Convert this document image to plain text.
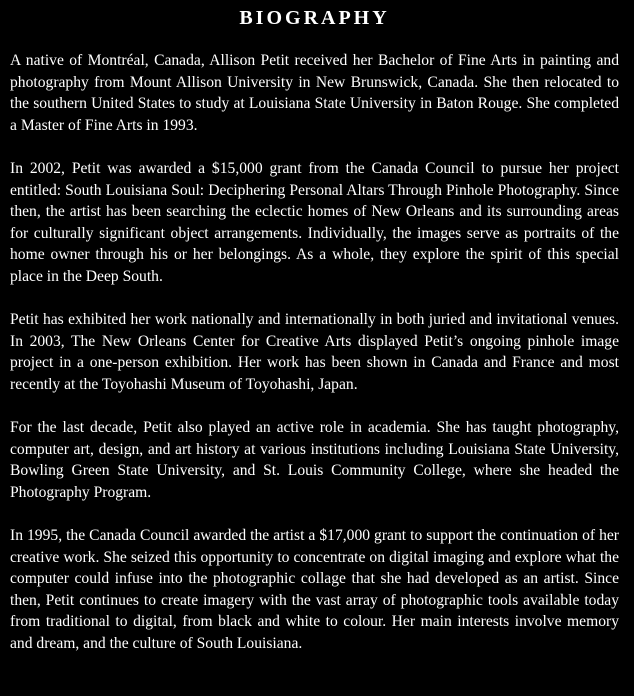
BIOGRAPHY

A native of Montréal, Canada, Allison Petit received her Bachelor of Fine Arts in painting and photography from Mount Allison University in New Brunswick, Canada. She then relocated to the southern United States to study at Louisiana State University in Baton Rouge. She completed a Master of Fine Arts in 1993.

In 2002, Petit was awarded a $15,000 grant from the Canada Council to pursue her project entitled: South Louisiana Soul: Deciphering Personal Altars Through Pinhole Photography. Since then, the artist has been searching the eclectic homes of New Orleans and its surrounding areas for culturally significant object arrangements. Individually, the images serve as portraits of the home owner through his or her belongings. As a whole, they explore the spirit of this special place in the Deep South.

Petit has exhibited her work nationally and internationally in both juried and invitational venues. In 2003, The New Orleans Center for Creative Arts displayed Petit’s ongoing pinhole image project in a one-person exhibition. Her work has been shown in Canada and France and most recently at the Toyohashi Museum of Toyohashi, Japan.

For the last decade, Petit also played an active role in academia. She has taught photography, computer art, design, and art history at various institutions including Louisiana State University, Bowling Green State University, and St. Louis Community College, where she headed the Photography Program.

In 1995, the Canada Council awarded the artist a $17,000 grant to support the continuation of her creative work. She seized this opportunity to concentrate on digital imaging and explore what the computer could infuse into the photographic collage that she had developed as an artist. Since then, Petit continues to create imagery with the vast array of photographic tools available today from traditional to digital, from black and white to colour. Her main interests involve memory and dream, and the culture of South Louisiana.
